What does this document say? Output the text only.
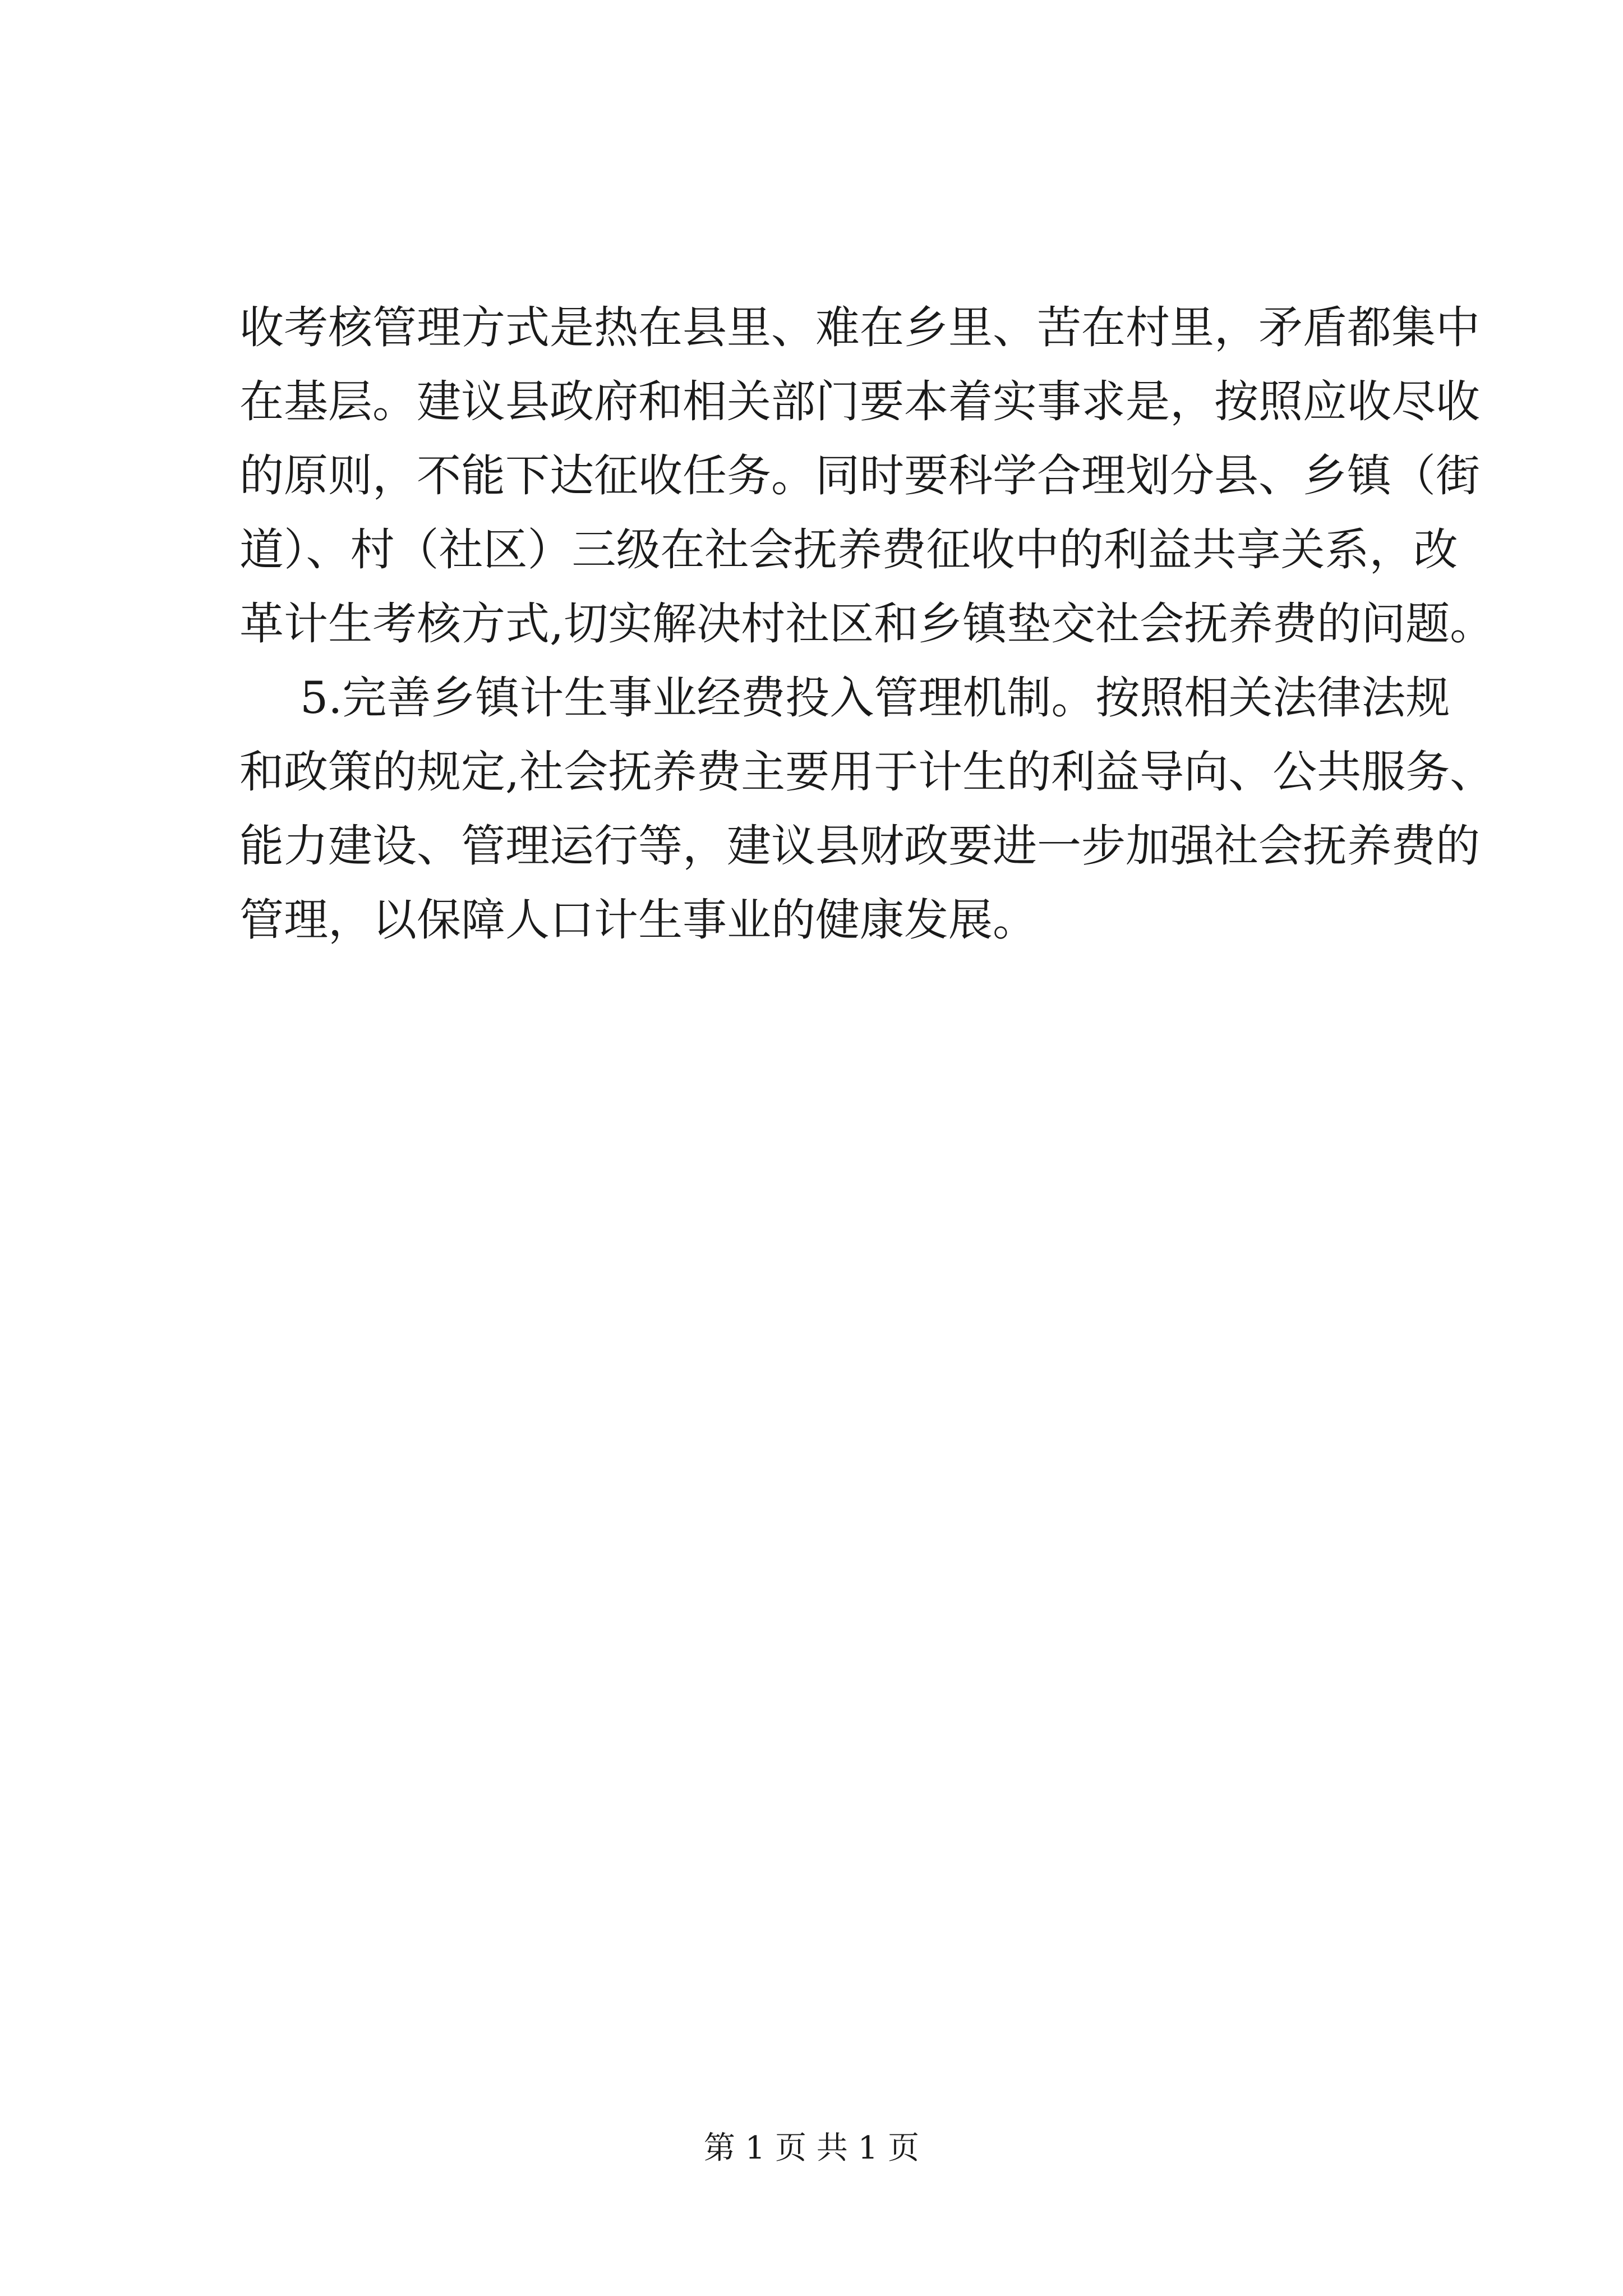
收考核管理方式是热在县里、难在乡里、苦在村里，矛盾都集中
在基层。建议县政府和相关部门要本着实事求是，按照应收尽收
的原则，不能下达征收任务。同时要科学合理划分县、乡镇（街
道）、村（社区）三级在社会抚养费征收中的利益共享关系，改
革计生考核方式,切实解决村社区和乡镇垫交社会抚养费的问题。
5.完善乡镇计生事业经费投入管理机制。按照相关法律法规
和政策的规定,社会抚养费主要用于计生的利益导向、公共服务、
能力建设、管理运行等，建议县财政要进一步加强社会抚养费的
管理，以保障人口计生事业的健康发展。
第 1 页 共 1 页
